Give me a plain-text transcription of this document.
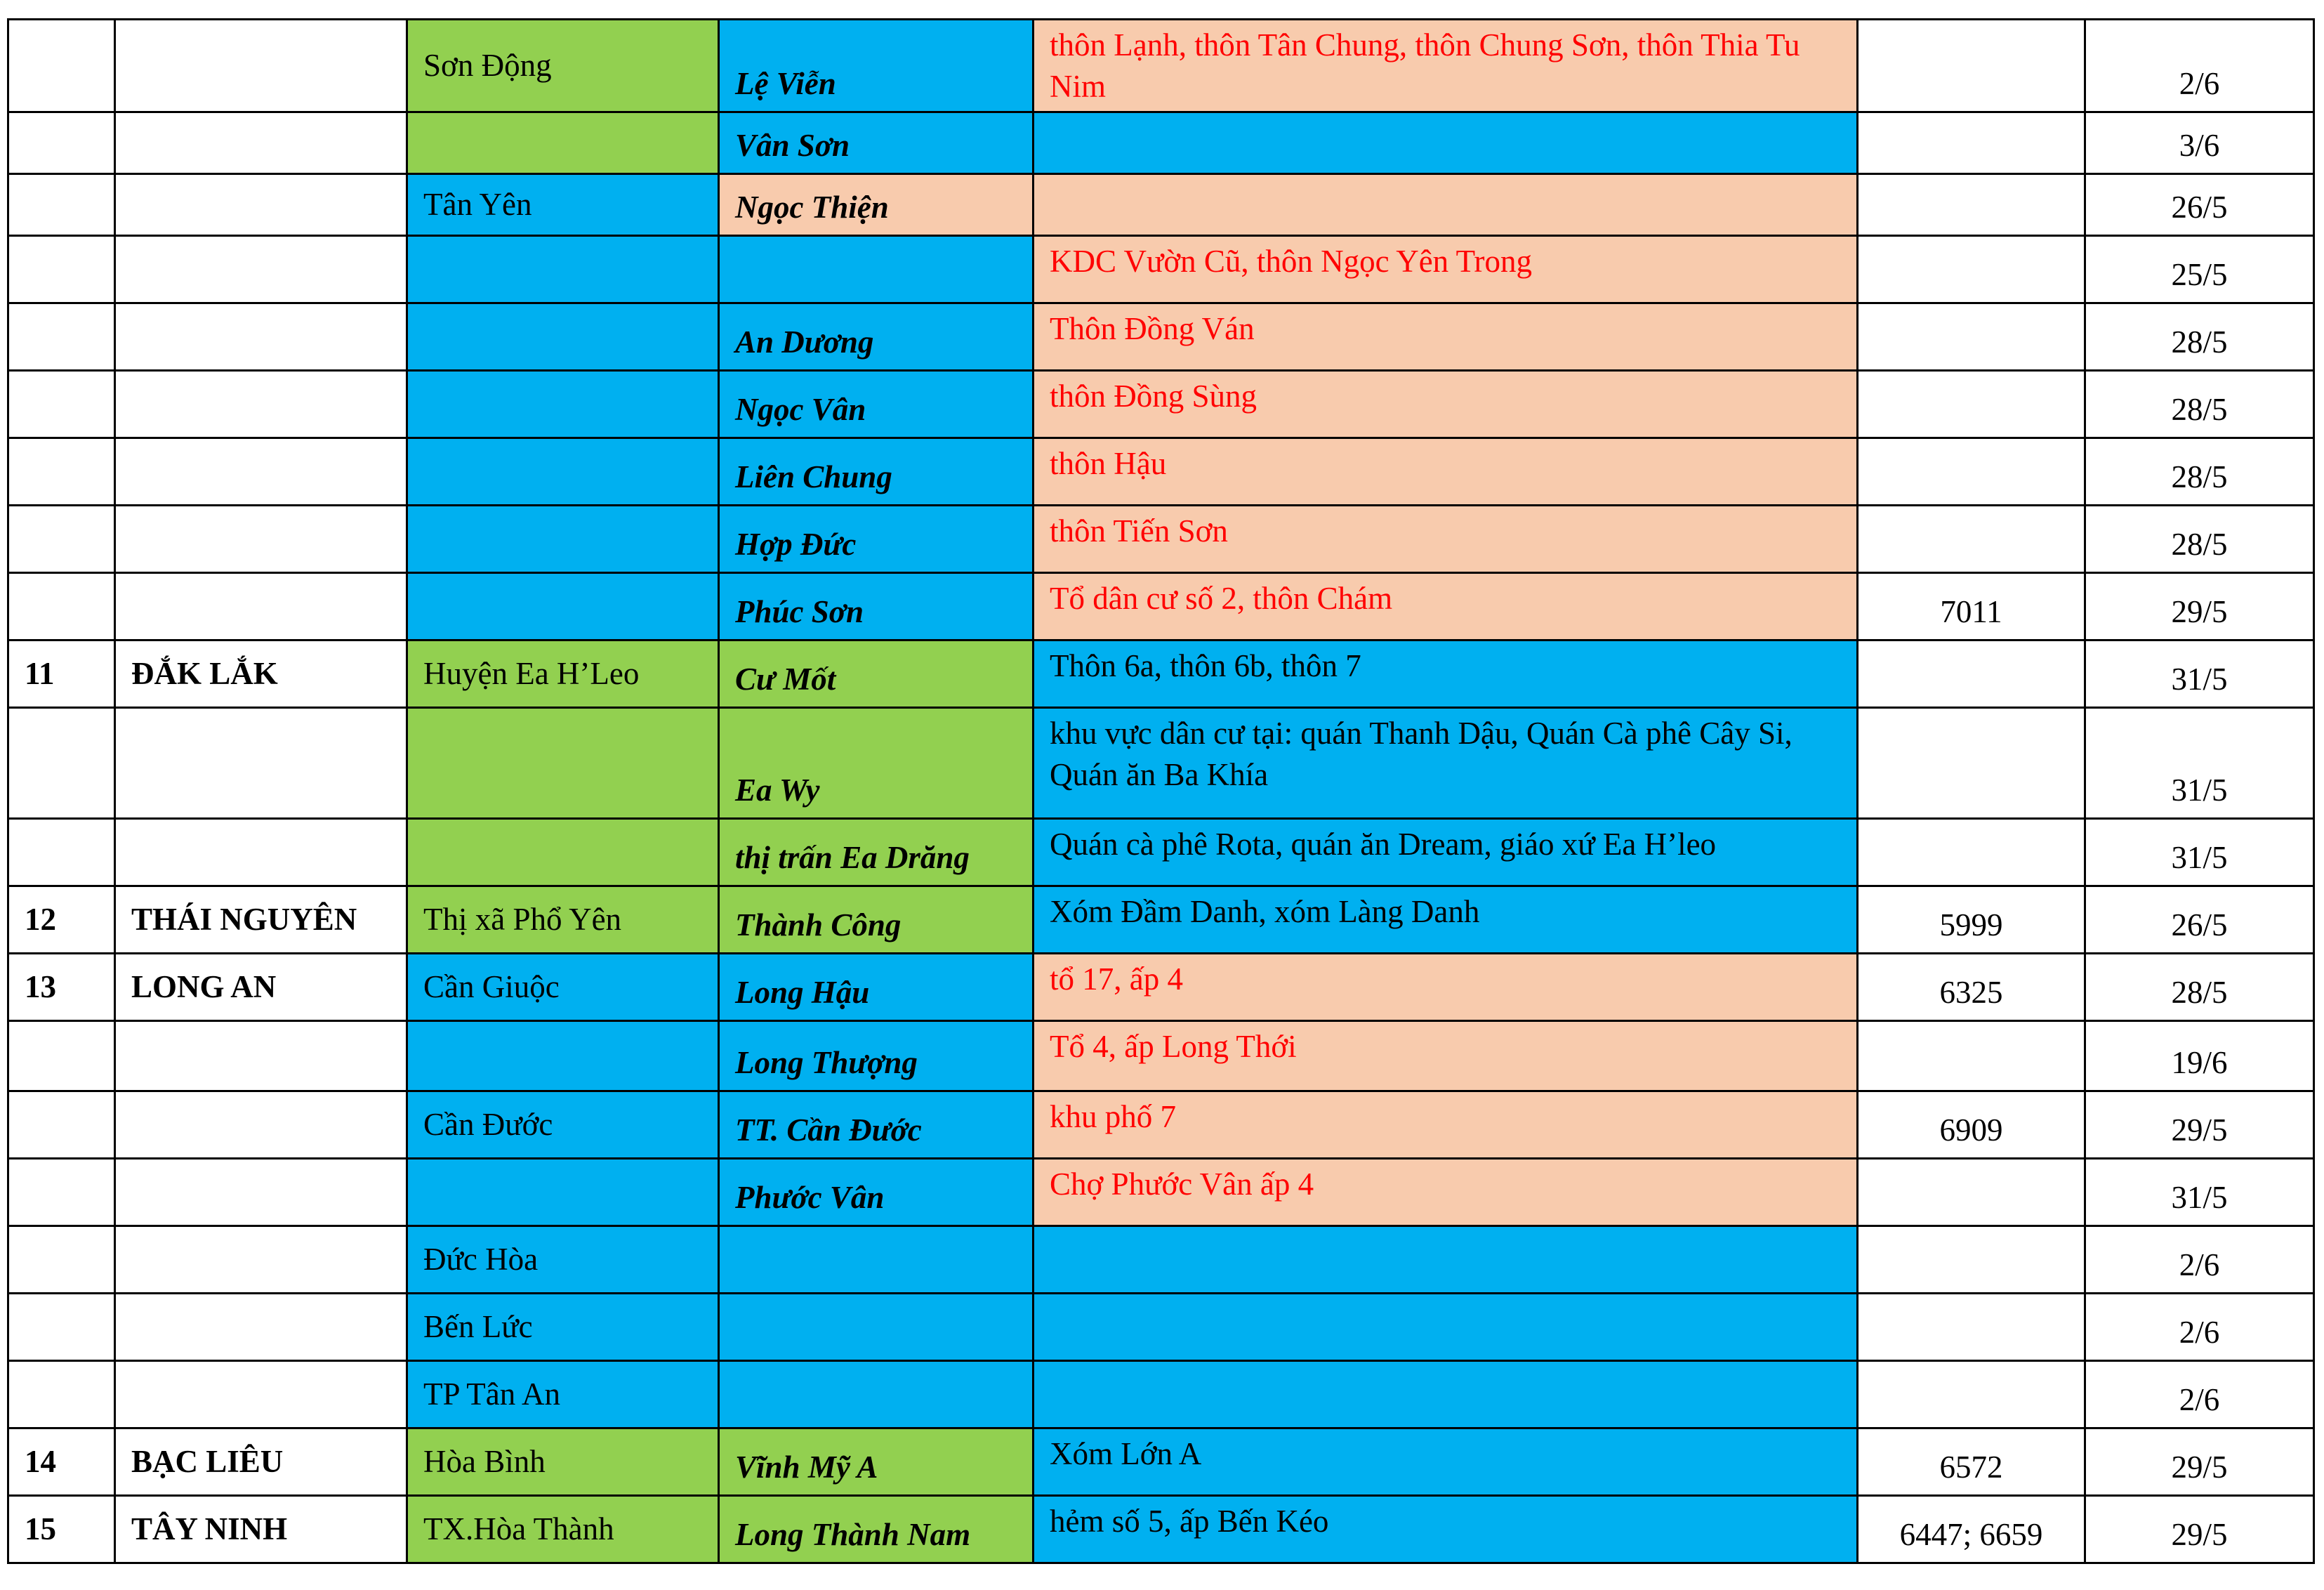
		Sơn Động	Lệ Viễn	thôn Lạnh, thôn Tân Chung, thôn Chung Sơn, thôn Thia Tu Nim		2/6
			Vân Sơn			3/6
		Tân Yên	Ngọc Thiện			26/5
				KDC Vườn Cũ, thôn Ngọc Yên Trong		25/5
			An Dương	Thôn Đồng Ván		28/5
			Ngọc Vân	thôn Đồng Sùng		28/5
			Liên Chung	thôn Hậu		28/5
			Hợp Đức	thôn Tiến Sơn		28/5
			Phúc Sơn	Tổ dân cư số 2, thôn Chám	7011	29/5
11	ĐẮK LẮK	Huyện Ea H’Leo	Cư Mốt	Thôn 6a, thôn 6b, thôn 7		31/5
			Ea Wy	khu vực dân cư tại: quán Thanh Dậu, Quán Cà phê Cây Si, Quán ăn Ba Khía		31/5
			thị trấn Ea Drăng	Quán cà phê Rota, quán ăn Dream, giáo xứ Ea H’leo		31/5
12	THÁI NGUYÊN	Thị xã Phổ Yên	Thành Công	Xóm Đầm Danh, xóm Làng Danh	5999	26/5
13	LONG AN	Cần Giuộc	Long Hậu	tổ 17, ấp 4	6325	28/5
			Long Thượng	Tổ 4, ấp Long Thới		19/6
		Cần Đước	TT. Cần Đước	khu phố 7	6909	29/5
			Phước Vân	Chợ Phước Vân ấp 4		31/5
		Đức Hòa				2/6
		Bến Lức				2/6
		TP Tân An				2/6
14	BẠC LIÊU	Hòa Bình	Vĩnh Mỹ A	Xóm Lớn A	6572	29/5
15	TÂY NINH	TX.Hòa Thành	Long Thành Nam	hẻm số 5, ấp Bến Kéo	6447; 6659	29/5
